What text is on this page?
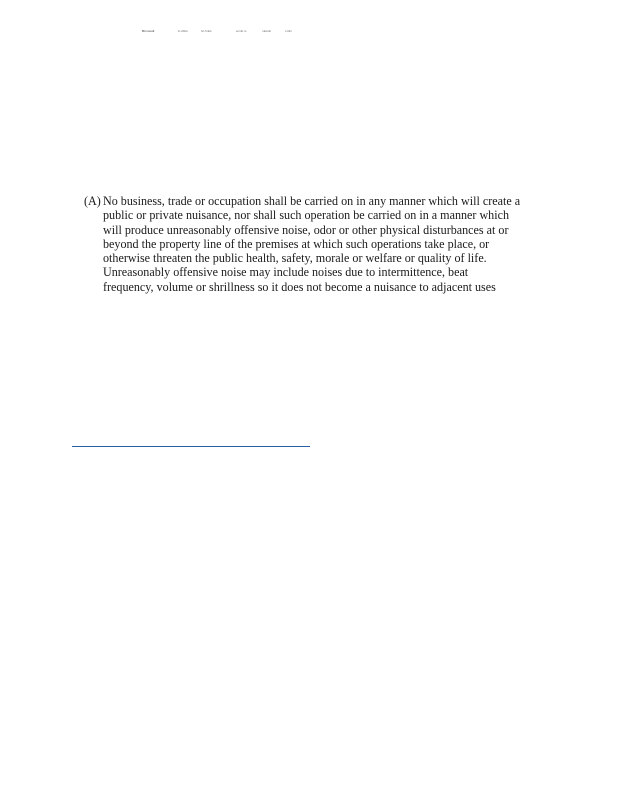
Bl.mouslt	ln.cllbm	hn.fmlts	scmlt.m	mlamb	c.ltlm
(A) No business, trade or occupation shall be carried on in any manner which will create a
public or private nuisance, nor shall such operation be carried on in a manner which
will produce unreasonably offensive noise, odor or other physical disturbances at or
beyond the property line of the premises at which such operations take place, or
otherwise threaten the public health, safety, morale or welfare or quality of life.
Unreasonably offensive noise may include noises due to intermittence, beat
frequency, volume or shrillness so it does not become a nuisance to adjacent uses
